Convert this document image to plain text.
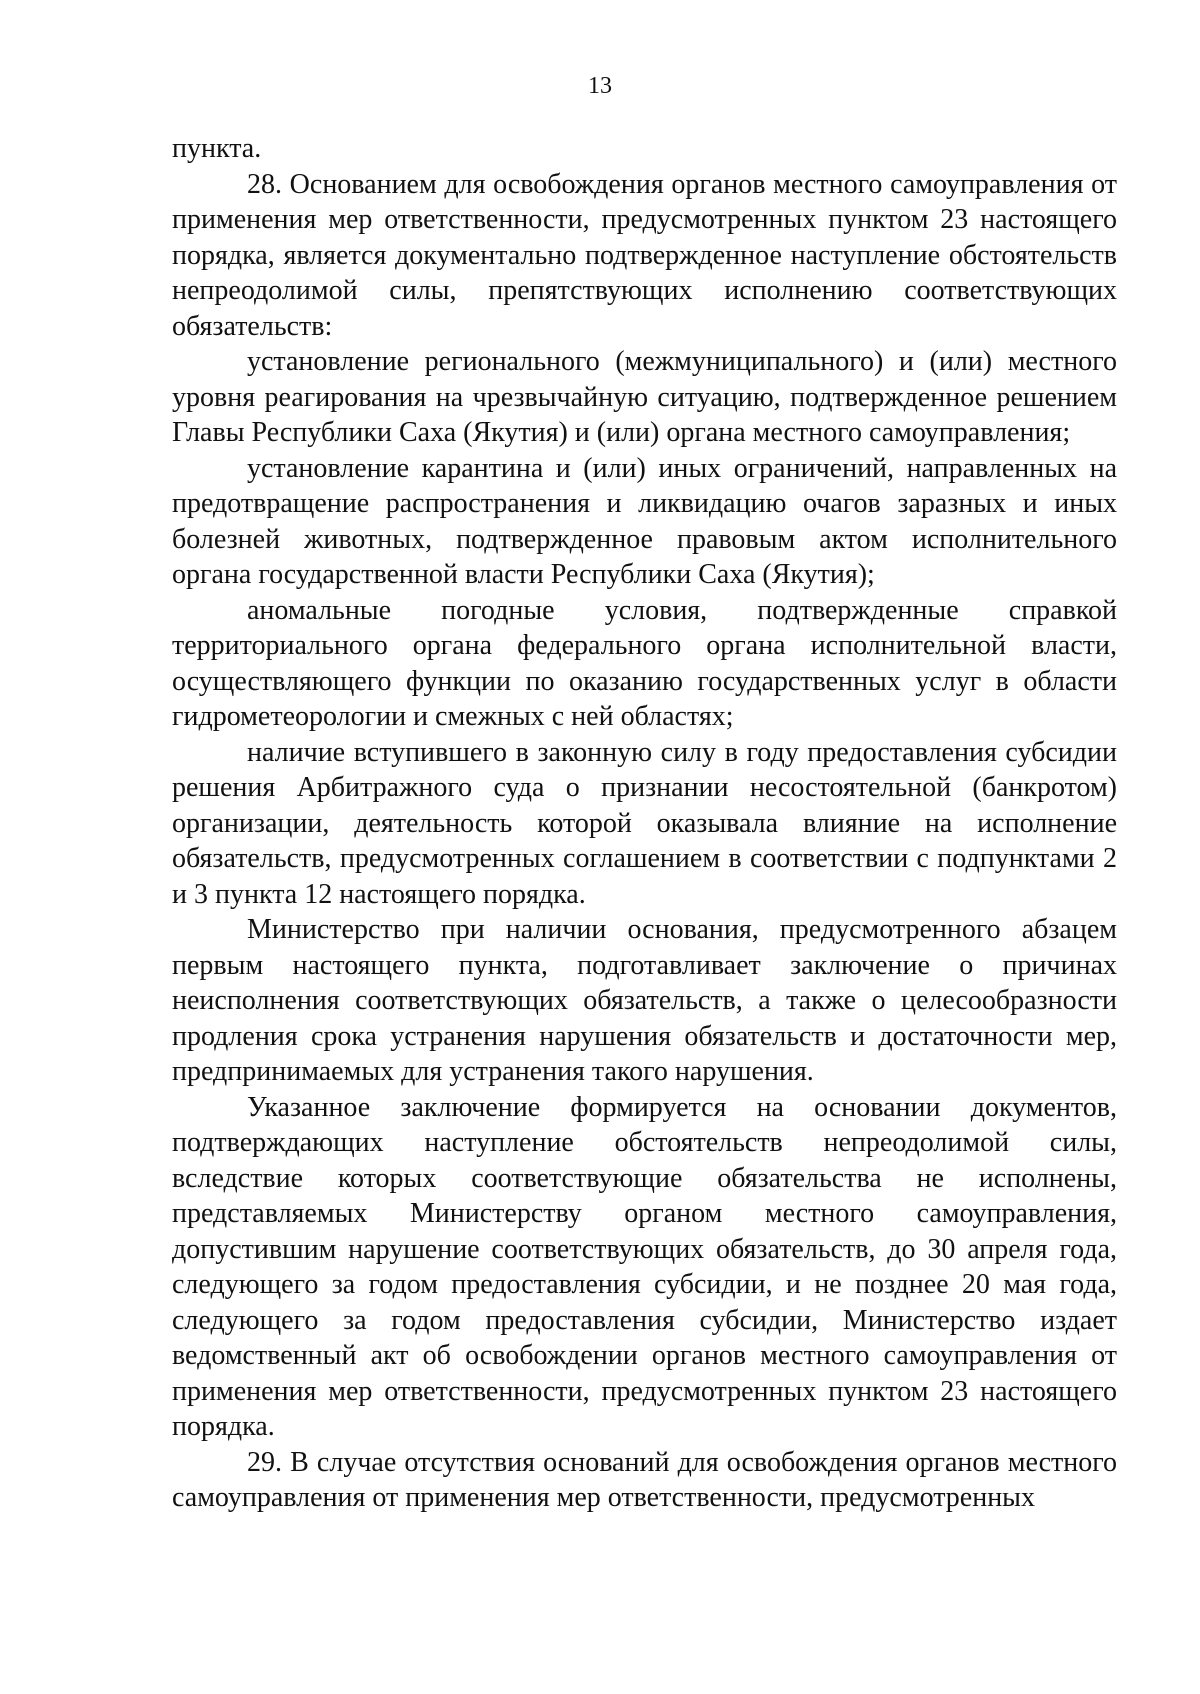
13

пункта.

28. Основанием для освобождения органов местного самоуправления от применения мер ответственности, предусмотренных пунктом 23 настоящего порядка, является документально подтвержденное наступление обстоятельств непреодолимой силы, препятствующих исполнению соответствующих обязательств:

установление регионального (межмуниципального) и (или) местного уровня реагирования на чрезвычайную ситуацию, подтвержденное решением Главы Республики Саха (Якутия) и (или) органа местного самоуправления;

установление карантина и (или) иных ограничений, направленных на предотвращение распространения и ликвидацию очагов заразных и иных болезней животных, подтвержденное правовым актом исполнительного органа государственной власти Республики Саха (Якутия);

аномальные погодные условия, подтвержденные справкой территориального органа федерального органа исполнительной власти, осуществляющего функции по оказанию государственных услуг в области гидрометеорологии и смежных с ней областях;

наличие вступившего в законную силу в году предоставления субсидии решения Арбитражного суда о признании несостоятельной (банкротом) организации, деятельность которой оказывала влияние на исполнение обязательств, предусмотренных соглашением в соответствии с подпунктами 2 и 3 пункта 12 настоящего порядка.

Министерство при наличии основания, предусмотренного абзацем первым настоящего пункта, подготавливает заключение о причинах неисполнения соответствующих обязательств, а также о целесообразности продления срока устранения нарушения обязательств и достаточности мер, предпринимаемых для устранения такого нарушения.

Указанное заключение формируется на основании документов, подтверждающих наступление обстоятельств непреодолимой силы, вследствие которых соответствующие обязательства не исполнены, представляемых Министерству органом местного самоуправления, допустившим нарушение соответствующих обязательств, до 30 апреля года, следующего за годом предоставления субсидии, и не позднее 20 мая года, следующего за годом предоставления субсидии, Министерство издает ведомственный акт об освобождении органов местного самоуправления от применения мер ответственности, предусмотренных пунктом 23 настоящего порядка.

29. В случае отсутствия оснований для освобождения органов местного самоуправления от применения мер ответственности, предусмотренных
